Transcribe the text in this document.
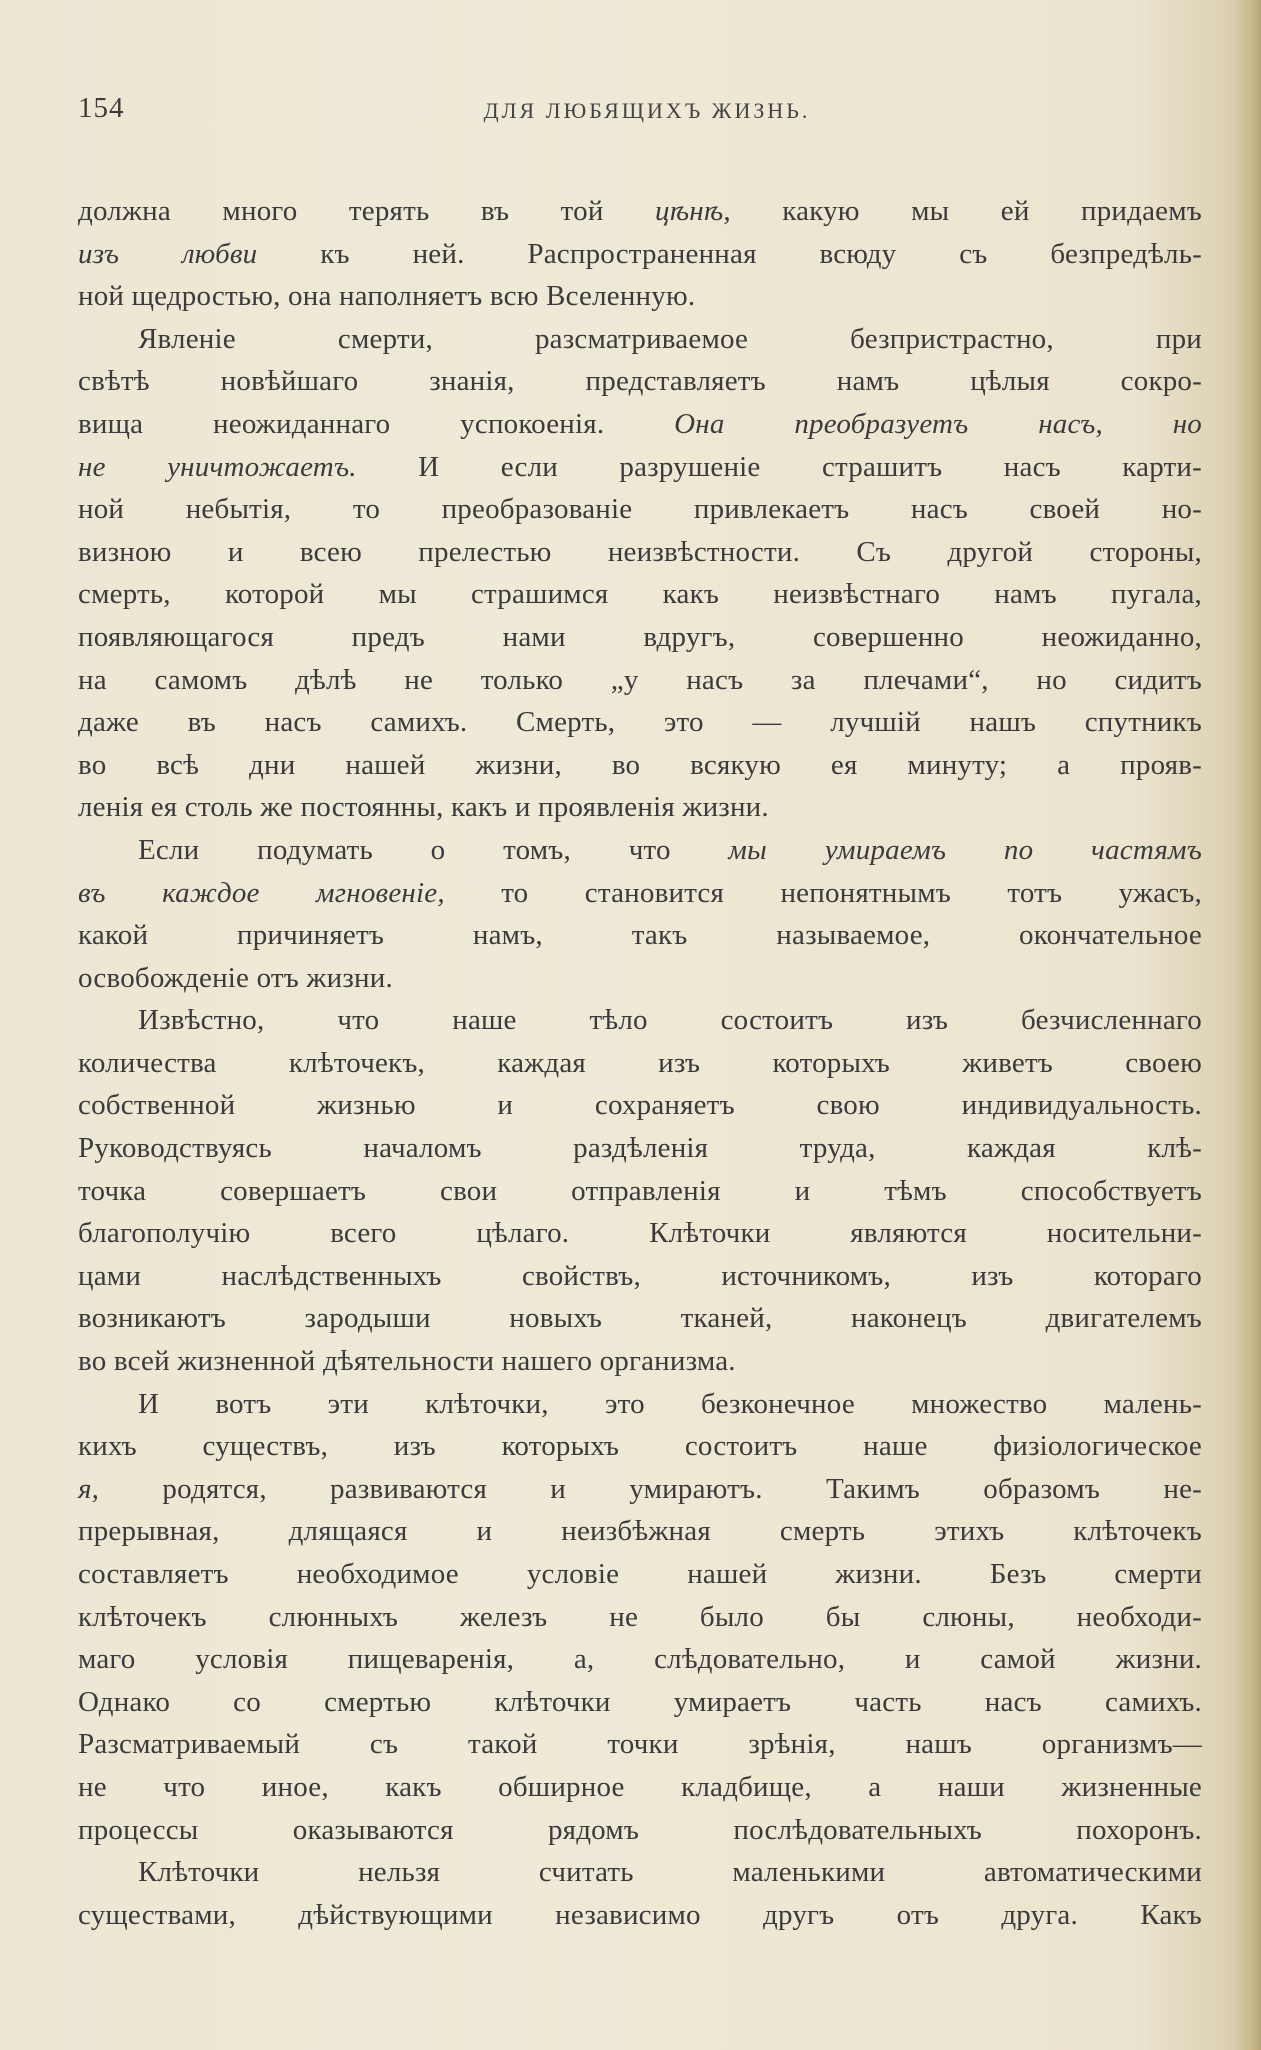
154	ДЛЯ ЛЮБЯЩИХЪ ЖИЗНЬ.
должна много терять въ той цѣнѣ, какую мы ей придаемъ
изъ любви къ ней. Распространенная всюду съ безпредѣль-
ной щедростью, она наполняетъ всю Вселенную.
Явленіе смерти, разсматриваемое безпристрастно, при
свѣтѣ новѣйшаго знанія, представляетъ намъ цѣлыя сокро-
вища неожиданнаго успокоенія. Она преобразуетъ насъ, но
не уничтожаетъ. И если разрушеніе страшитъ насъ карти-
ной небытія, то преобразованіе привлекаетъ насъ своей но-
визною и всею прелестью неизвѣстности. Съ другой стороны,
смерть, которой мы страшимся какъ неизвѣстнаго намъ пугала,
появляющагося предъ нами вдругъ, совершенно неожиданно,
на самомъ дѣлѣ не только „у насъ за плечами“, но сидитъ
даже въ насъ самихъ. Смерть, это — лучшій нашъ спутникъ
во всѣ дни нашей жизни, во всякую ея минуту; а прояв-
ленія ея столь же постоянны, какъ и проявленія жизни.
Если подумать о томъ, что мы умираемъ по частямъ
въ каждое мгновеніе, то становится непонятнымъ тотъ ужасъ,
какой причиняетъ намъ, такъ называемое, окончательное
освобожденіе отъ жизни.
Извѣстно, что наше тѣло состоитъ изъ безчисленнаго
количества клѣточекъ, каждая изъ которыхъ живетъ своею
собственной жизнью и сохраняетъ свою индивидуальность.
Руководствуясь началомъ раздѣленія труда, каждая клѣ-
точка совершаетъ свои отправленія и тѣмъ способствуетъ
благополучію всего цѣлаго. Клѣточки являются носительни-
цами наслѣдственныхъ свойствъ, источникомъ, изъ котораго
возникаютъ зародыши новыхъ тканей, наконецъ двигателемъ
во всей жизненной дѣятельности нашего организма.
И вотъ эти клѣточки, это безконечное множество малень-
кихъ существъ, изъ которыхъ состоитъ наше физіологическое
я, родятся, развиваются и умираютъ. Такимъ образомъ не-
прерывная, длящаяся и неизбѣжная смерть этихъ клѣточекъ
составляетъ необходимое условіе нашей жизни. Безъ смерти
клѣточекъ слюнныхъ железъ не было бы слюны, необходи-
маго условія пищеваренія, а, слѣдовательно, и самой жизни.
Однако со смертью клѣточки умираетъ часть насъ самихъ.
Разсматриваемый съ такой точки зрѣнія, нашъ организмъ—
не что иное, какъ обширное кладбище, а наши жизненные
процессы оказываются рядомъ послѣдовательныхъ похоронъ.
Клѣточки нельзя считать маленькими автоматическими
существами, дѣйствующими независимо другъ отъ друга. Какъ
